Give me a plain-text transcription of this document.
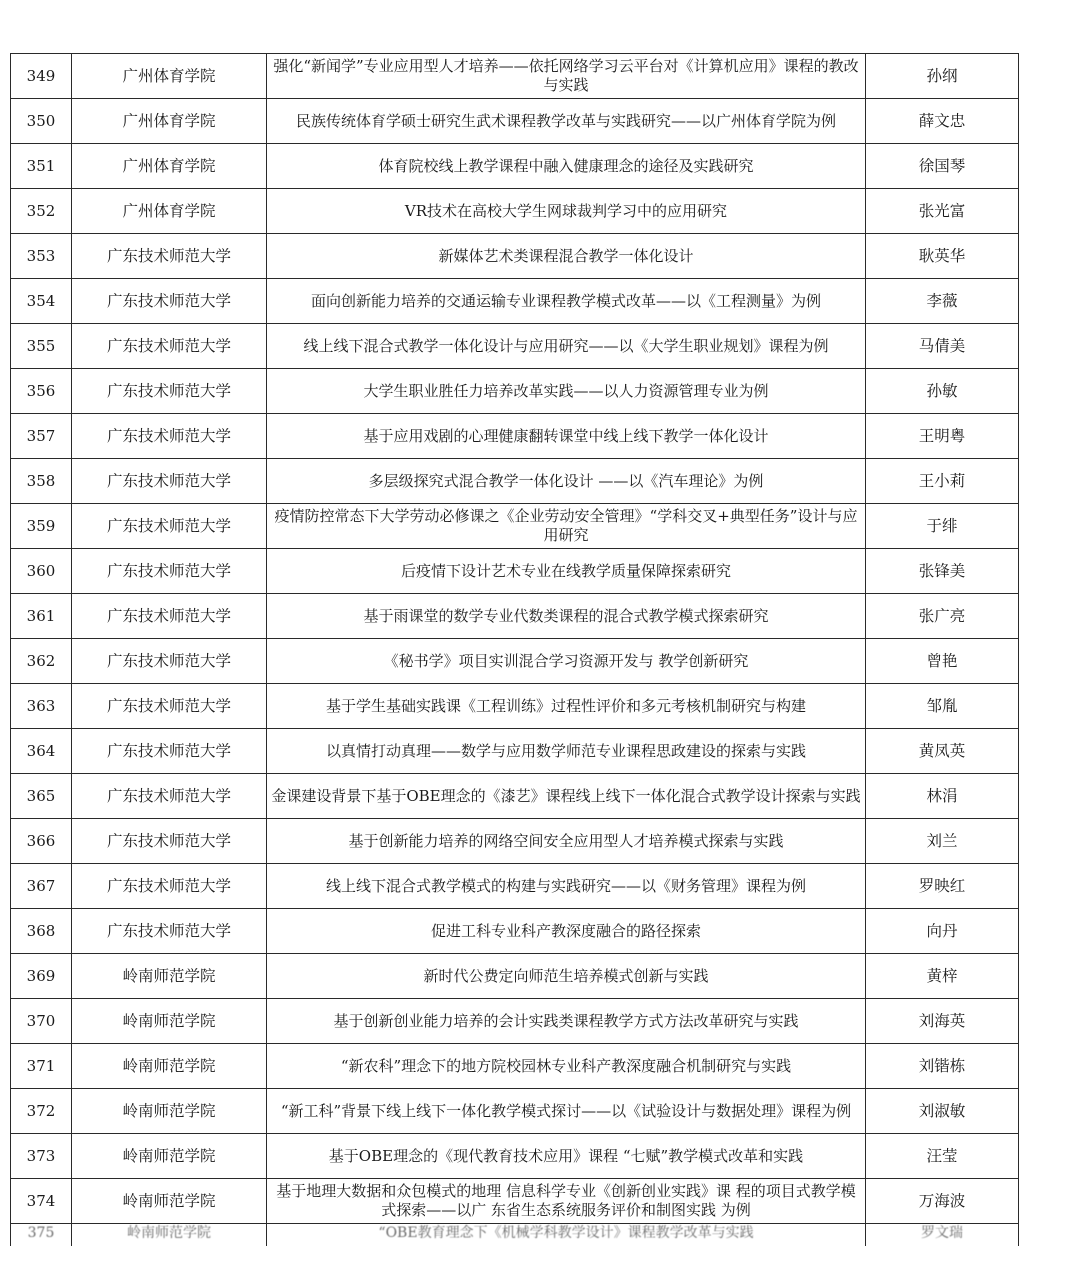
349	广州体育学院	强化“新闻学”专业应用型人才培养——依托网络学习云平台对《计算机应用》课程的教改与实践	孙纲
350	广州体育学院	民族传统体育学硕士研究生武术课程教学改革与实践研究——以广州体育学院为例	薛文忠
351	广州体育学院	体育院校线上教学课程中融入健康理念的途径及实践研究	徐国琴
352	广州体育学院	VR技术在高校大学生网球裁判学习中的应用研究	张光富
353	广东技术师范大学	新媒体艺术类课程混合教学一体化设计	耿英华
354	广东技术师范大学	面向创新能力培养的交通运输专业课程教学模式改革——以《工程测量》为例	李薇
355	广东技术师范大学	线上线下混合式教学一体化设计与应用研究——以《大学生职业规划》课程为例	马倩美
356	广东技术师范大学	大学生职业胜任力培养改革实践——以人力资源管理专业为例	孙敏
357	广东技术师范大学	基于应用戏剧的心理健康翻转课堂中线上线下教学一体化设计	王明粤
358	广东技术师范大学	多层级探究式混合教学一体化设计 ——以《汽车理论》为例	王小莉
359	广东技术师范大学	疫情防控常态下大学劳动必修课之《企业劳动安全管理》“学科交叉+典型任务”设计与应用研究	于绯
360	广东技术师范大学	后疫情下设计艺术专业在线教学质量保障探索研究	张锋美
361	广东技术师范大学	基于雨课堂的数学专业代数类课程的混合式教学模式探索研究	张广亮
362	广东技术师范大学	《秘书学》项目实训混合学习资源开发与 教学创新研究	曾艳
363	广东技术师范大学	基于学生基础实践课《工程训练》过程性评价和多元考核机制研究与构建	邹胤
364	广东技术师范大学	以真情打动真理——数学与应用数学师范专业课程思政建设的探索与实践	黄凤英
365	广东技术师范大学	金课建设背景下基于OBE理念的《漆艺》课程线上线下一体化混合式教学设计探索与实践	林涓
366	广东技术师范大学	基于创新能力培养的网络空间安全应用型人才培养模式探索与实践	刘兰
367	广东技术师范大学	线上线下混合式教学模式的构建与实践研究——以《财务管理》课程为例	罗映红
368	广东技术师范大学	促进工科专业科产教深度融合的路径探索	向丹
369	岭南师范学院	新时代公费定向师范生培养模式创新与实践	黄梓
370	岭南师范学院	基于创新创业能力培养的会计实践类课程教学方式方法改革研究与实践	刘海英
371	岭南师范学院	“新农科”理念下的地方院校园林专业科产教深度融合机制研究与实践	刘锴栋
372	岭南师范学院	“新工科”背景下线上线下一体化教学模式探讨——以《试验设计与数据处理》课程为例	刘淑敏
373	岭南师范学院	基于OBE理念的《现代教育技术应用》课程 “七赋”教学模式改革和实践	汪莹
374	岭南师范学院	基于地理大数据和众包模式的地理 信息科学专业《创新创业实践》课 程的项目式教学模式探索——以广 东省生态系统服务评价和制图实践 为例	万海波

375	岭南师范学院	“OBE教育理念下《机械学科教学设计》课程教学改革与实践	罗文瑞
